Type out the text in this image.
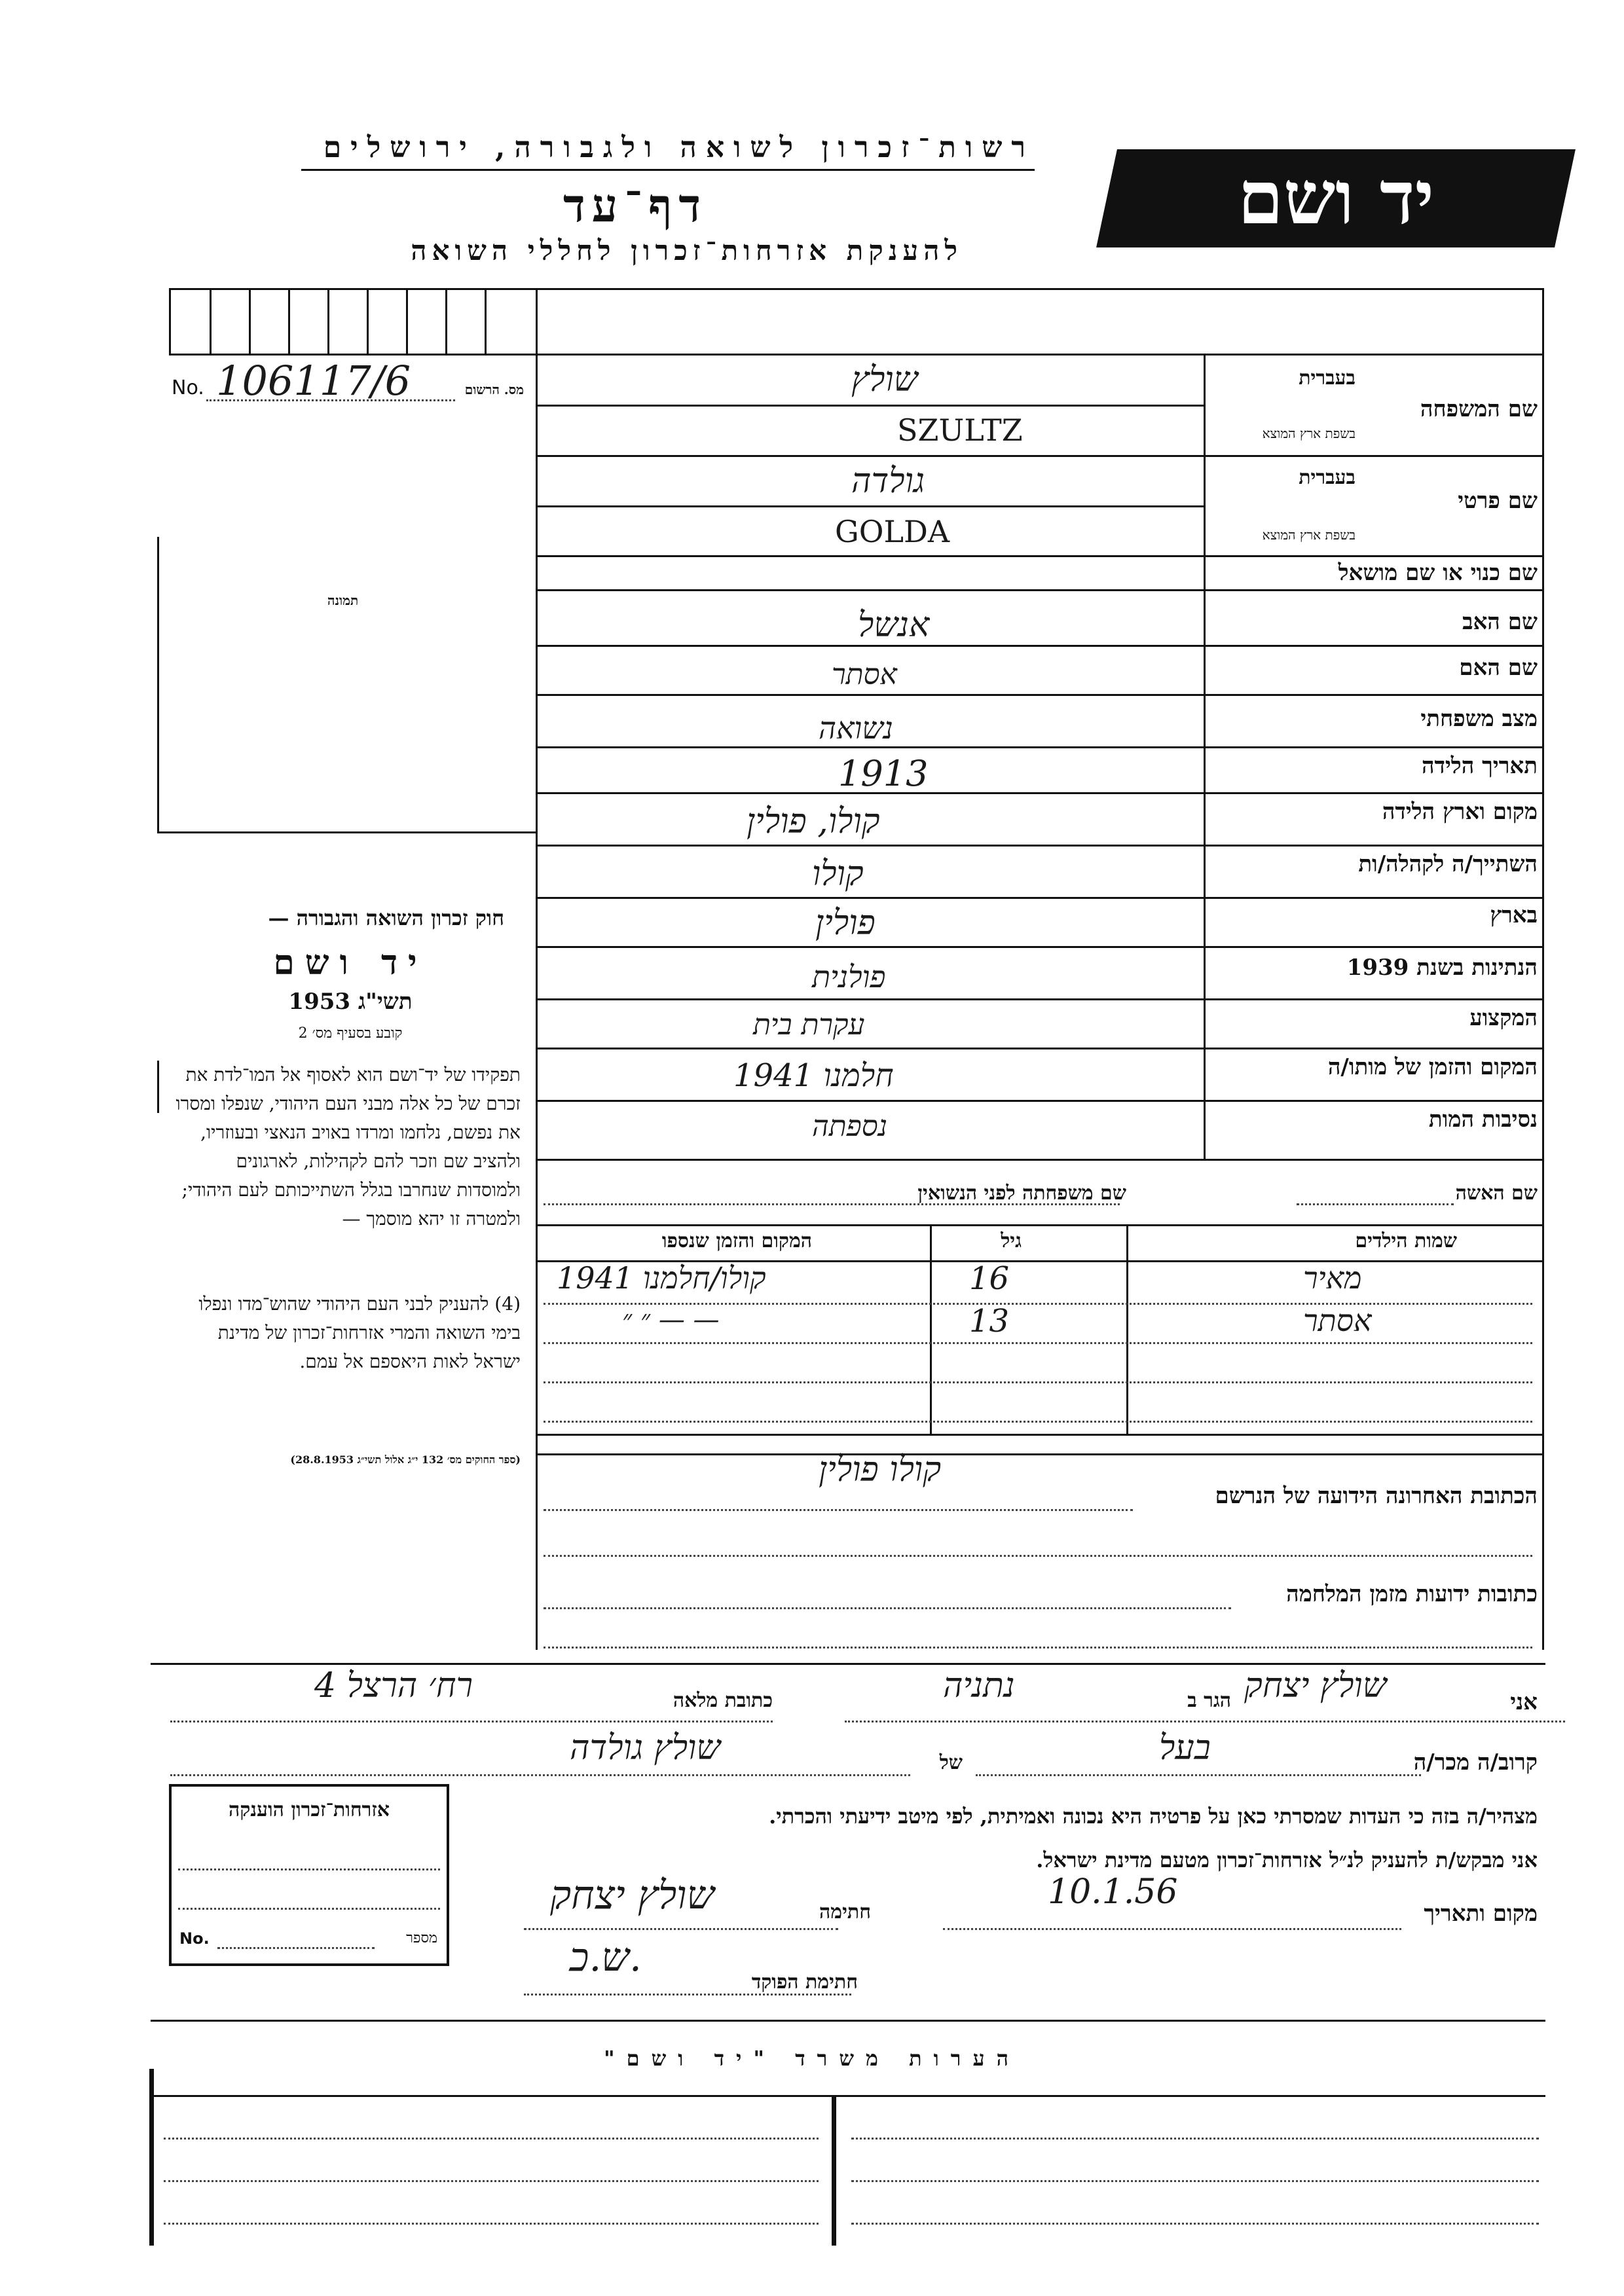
רשות־זכרון לשואה ולגבורה, ירושלים
דף־עד
להענקת אזרחות־זכרון לחללי השואה
יד ושם
תמונה
No. 106117/6	מס. הרשום
שם המשפחה
בעברית
בשפת ארץ המוצא
שולץ
SZULTZ
שם פרטי
בעברית
בשפת ארץ המוצא
גולדה
GOLDA
שם כנוי או שם מושאל
שם האב
אנשל
שם האם
אסתר
מצב משפחתי
נשואה
תאריך הלידה
1913
מקום וארץ הלידה
קולו, פולין
השתייך/ה לקהלה/ות
קולו
בארץ
פולין
הנתינות בשנת 1939
פולנית
המקצוע
עקרת בית
המקום והזמן של מותו/ה
חלמנו 1941
נסיבות המות
נספתה
שם האשה
שם משפחתה לפני הנשואין
שמות הילדים
גיל
המקום והזמן שנספו
מאיר
16
קולו/חלמנו 1941
אסתר
13
— — ״ ״
הכתובת האחרונה הידועה של הנרשם
קולו פולין
כתובות ידועות מזמן המלחמה
חוק זכרון השואה והגבורה —
יד ושם
תשי"ג 1953
קובע בסעיף מס׳ 2
תפקידו של יד־ושם הוא לאסוף אל המו־לדת את זכרם של כל אלה מבני העם היהודי, שנפלו ומסרו את נפשם, נלחמו ומרדו באויב הנאצי ובעוזריו, ולהציב שם וזכר להם לקהילות, לארגונים ולמוסדות שנחרבו בגלל השתייכותם לעם היהודי; ולמטרה זו יהא מוסמך —
(4) להעניק לבני העם היהודי שהוש־מדו ונפלו בימי השואה והמרי אזרחות־זכרון של מדינת ישראל לאות היאספם אל עמם.
(ספר החוקים מס׳ 132 י״ג אלול תשי״ג 28.8.1953)
אני
שולץ יצחק
הגר ב
נתניה
כתובת מלאה
רח׳ הרצל 4
קרוב/ה מכר/ה
בעל
של
שולץ גולדה
מצהיר/ה בזה כי העדות שמסרתי כאן על פרטיה היא נכונה ואמיתית, לפי מיטב ידיעתי והכרתי.
אני מבקש/ת להעניק לנ״ל אזרחות־זכרון מטעם מדינת ישראל.
מקום ותאריך
10.1.56
חתימה
שולץ יצחק
חתימת הפוקד
ש.כ.
אזרחות־זכרון הוענקה
No.	מספר
הערות משרד "יד ושם"
